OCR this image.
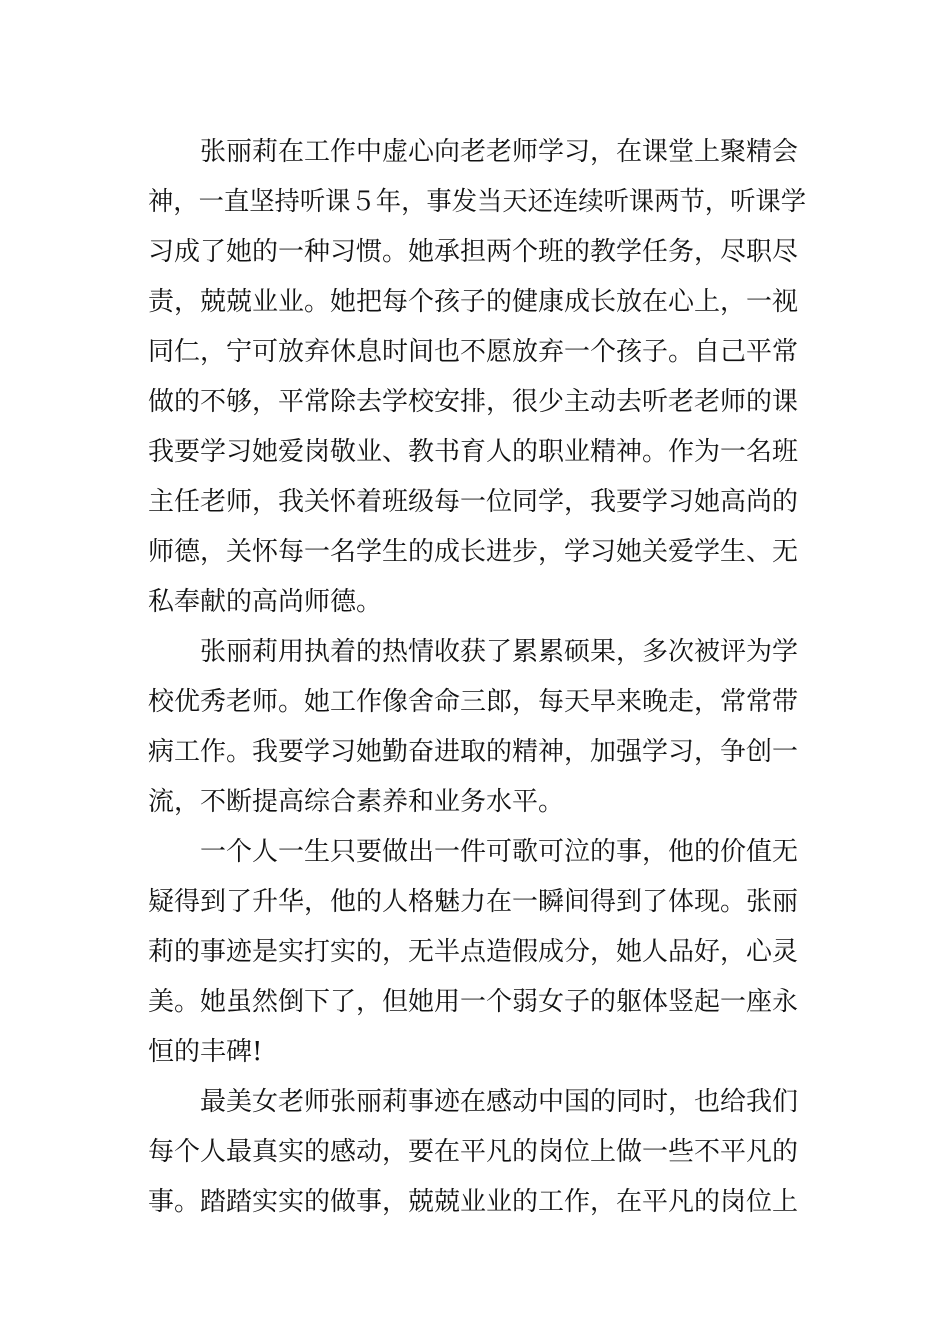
张丽莉在工作中虚心向老老师学习，在课堂上聚精会
神，一直坚持听课５年，事发当天还连续听课两节，听课学
习成了她的一种习惯。她承担两个班的教学任务，尽职尽
责，兢兢业业。她把每个孩子的健康成长放在心上，一视
同仁，宁可放弃休息时间也不愿放弃一个孩子。自己平常
做的不够，平常除去学校安排，很少主动去听老老师的课
我要学习她爱岗敬业、教书育人的职业精神。作为一名班
主任老师，我关怀着班级每一位同学，我要学习她高尚的
师德，关怀每一名学生的成长进步，学习她关爱学生、无
私奉献的高尚师德。
张丽莉用执着的热情收获了累累硕果，多次被评为学
校优秀老师。她工作像舍命三郎，每天早来晚走，常常带
病工作。我要学习她勤奋进取的精神，加强学习，争创一
流，不断提高综合素养和业务水平。
一个人一生只要做出一件可歌可泣的事，他的价值无
疑得到了升华，他的人格魅力在一瞬间得到了体现。张丽
莉的事迹是实打实的，无半点造假成分，她人品好，心灵
美。她虽然倒下了，但她用一个弱女子的躯体竖起一座永
恒的丰碑!
最美女老师张丽莉事迹在感动中国的同时，也给我们
每个人最真实的感动，要在平凡的岗位上做一些不平凡的
事。踏踏实实的做事，兢兢业业的工作，在平凡的岗位上
